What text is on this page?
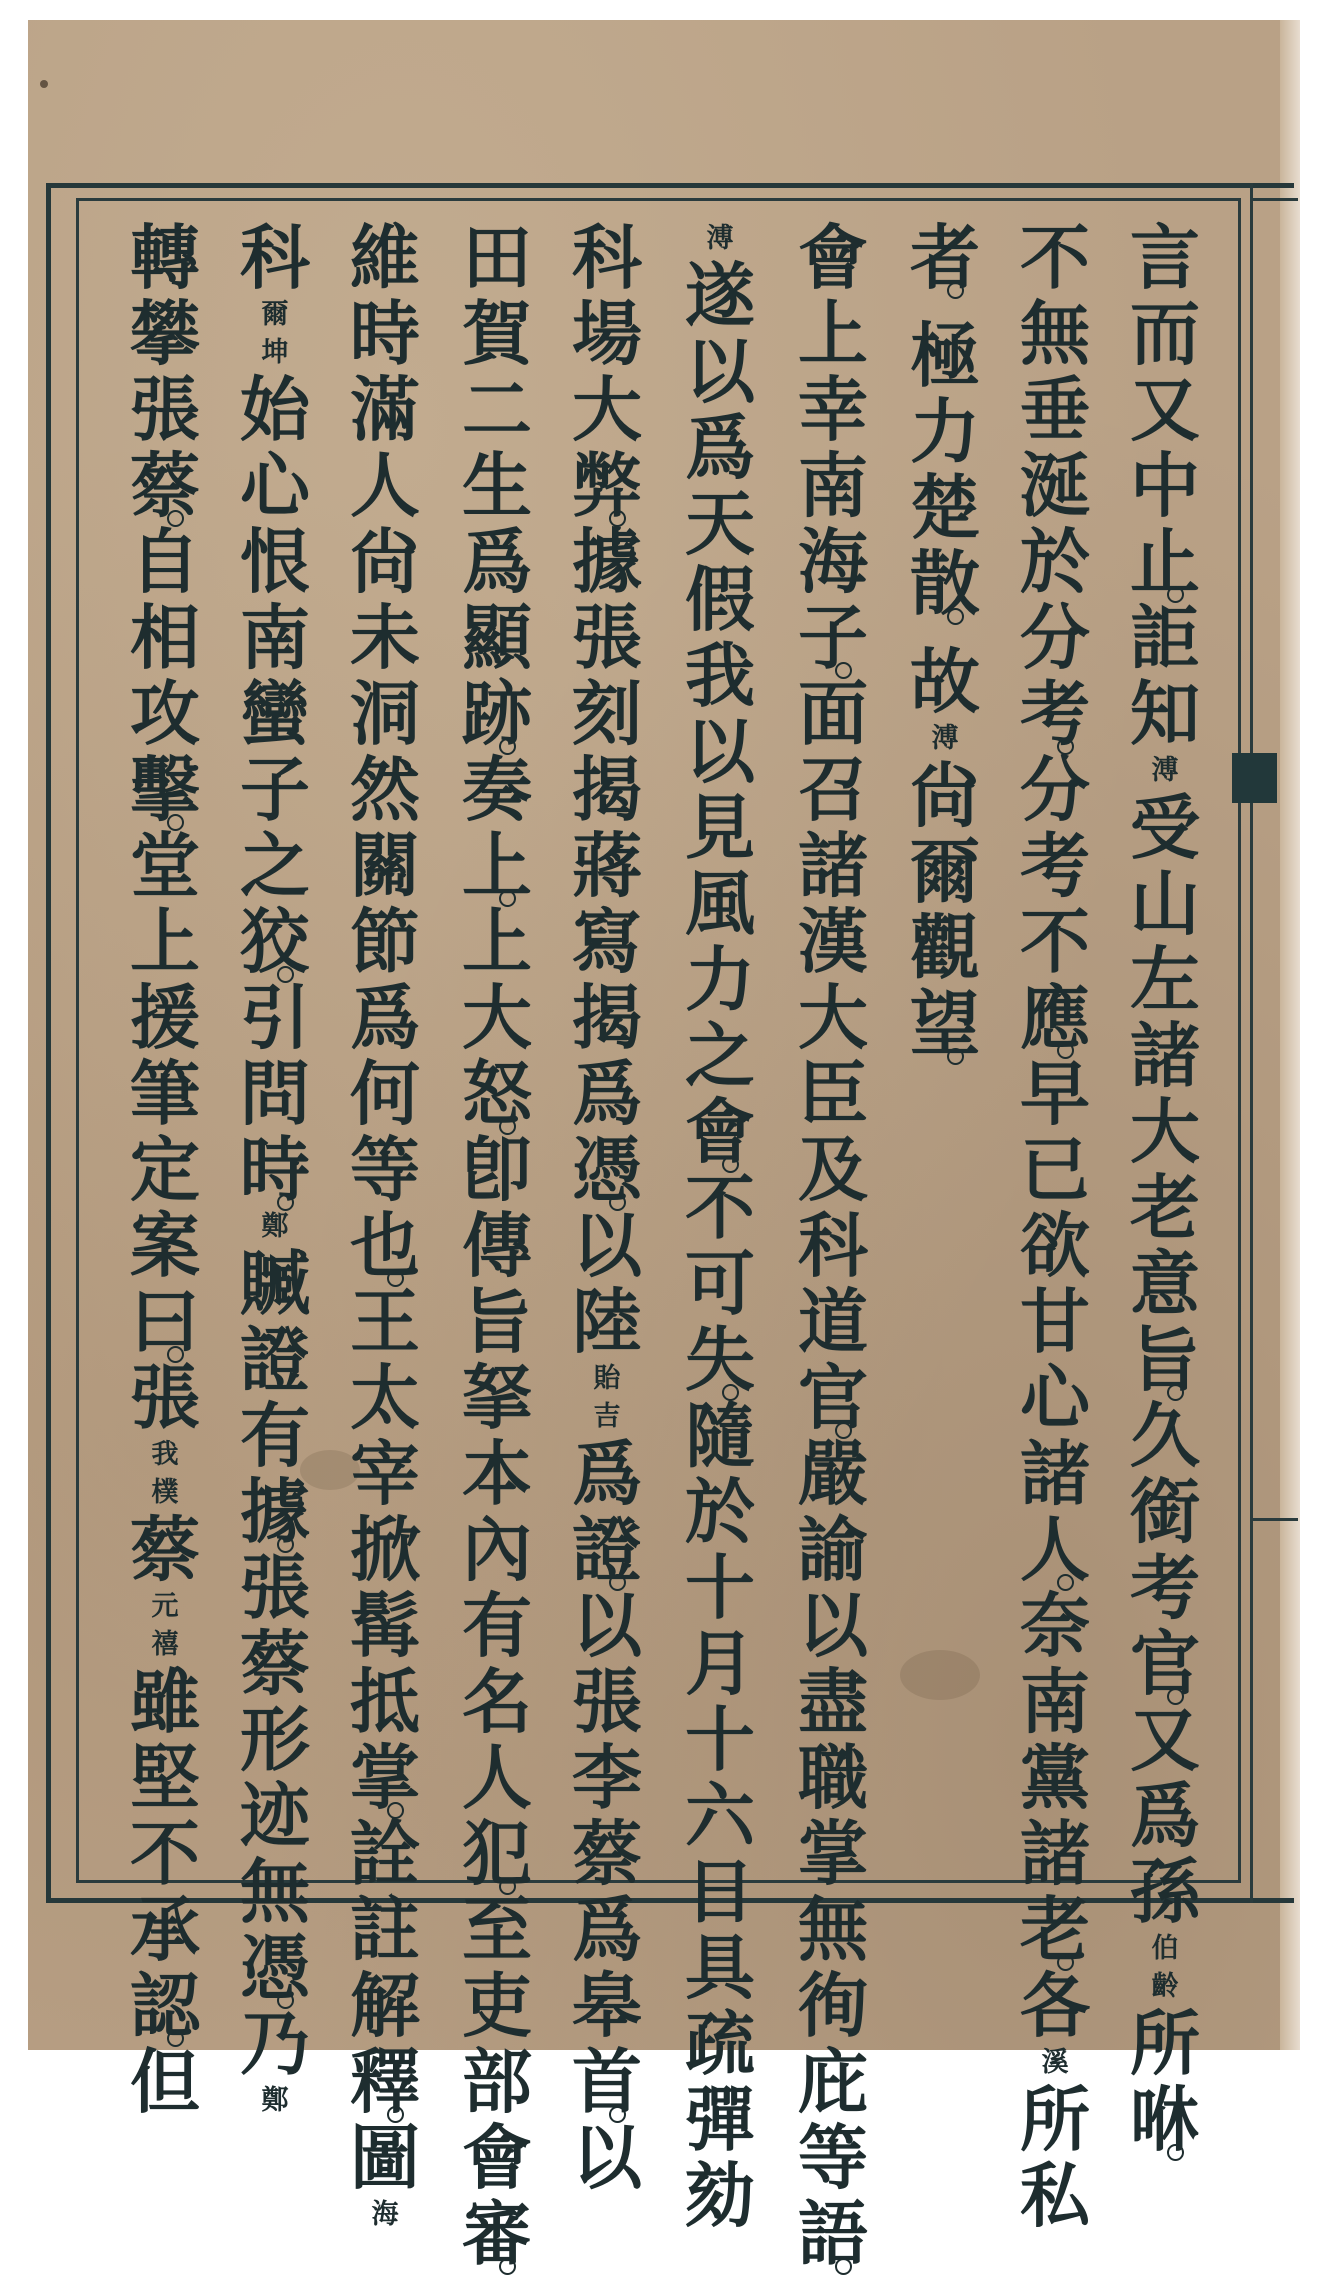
言
而
又
中
止
詎
知
溥
受
山
左
諸
大
老
意
旨
久
銜
考
官
又
爲
孫
伯
齡
所
咻
不
無
垂
涎
於
分
考
分
考
不
應
早
已
欲
甘
心
諸
人
奈
南
黨
諸
老
各
溪
所
私
者
極
力
楚
散
故
溥
尙
爾
觀
望
會
上
幸
南
海
子
面
召
諸
漢
大
臣
及
科
道
官
嚴
諭
以
盡
職
掌
無
徇
庇
等
語
溥
遂
以
爲
天
假
我
以
見
風
力
之
會
不
可
失
隨
於
十
月
十
六
日
具
疏
彈
劾
科
場
大
弊
據
張
刻
揭
蔣
寫
揭
爲
憑
以
陸
貽
吉
爲
證
以
張
李
蔡
爲
皋
首
以
田
賀
二
生
爲
顯
跡
奏
上
上
大
怒
卽
傳
旨
拏
本
內
有
名
人
犯
至
吏
部
會
審
維
時
滿
人
尙
未
洞
然
關
節
爲
何
等
也
王
太
宰
掀
髯
抵
掌
詮
註
解
釋
圖
海
科
爾
坤
始
心
恨
南
蠻
子
之
狡
引
問
時
鄭
贓
證
有
據
張
蔡
形
迹
無
憑
乃
鄭
轉
攀
張
蔡
自
相
攻
擊
堂
上
援
筆
定
案
曰
張
我
樸
蔡
元
禧
雖
堅
不
承
認
但
